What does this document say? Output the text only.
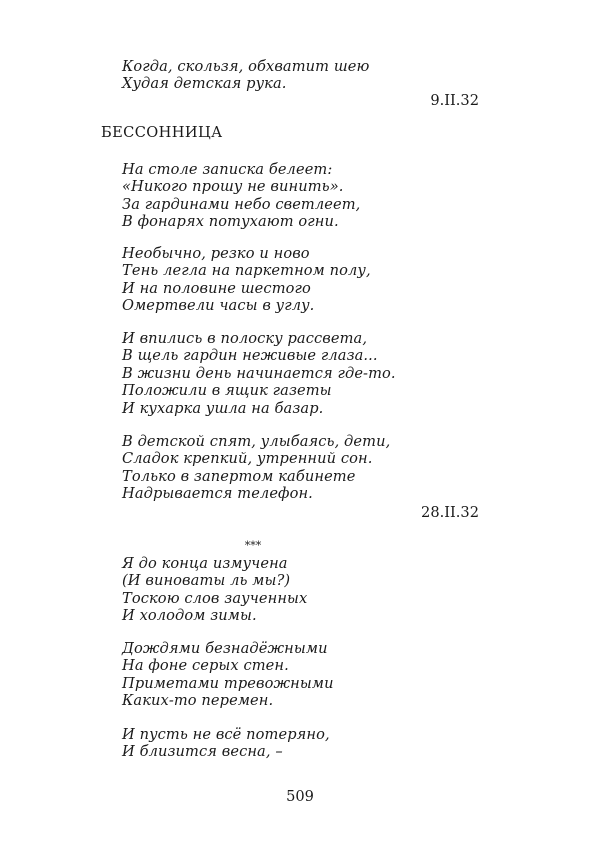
Когда, скользя, обхватит шею
Худая детская рука.
9.II.32
БЕССОННИЦА
На столе записка белеет:
«Никого прошу не винить».
За гардинами небо светлеет,
В фонарях потухают огни.
Необычно, резко и ново
Тень легла на паркетном полу,
И на половине шестого
Омертвели часы в углу.
И впились в полоску рассвета,
В щель гардин неживые глаза...
В жизни день начинается где-то.
Положили в ящик газеты
И кухарка ушла на базар.
В детской спят, улыбаясь, дети,
Сладок крепкий, утренний сон.
Только в запертом кабинете
Надрывается телефон.
28.II.32
***
Я до конца измучена
(И виноваты ль мы?)
Тоскою слов заученных
И холодом зимы.
Дождями безнадёжными
На фоне серых стен.
Приметами тревожными
Каких-то перемен.
И пусть не всё потеряно,
И близится весна, –
509
